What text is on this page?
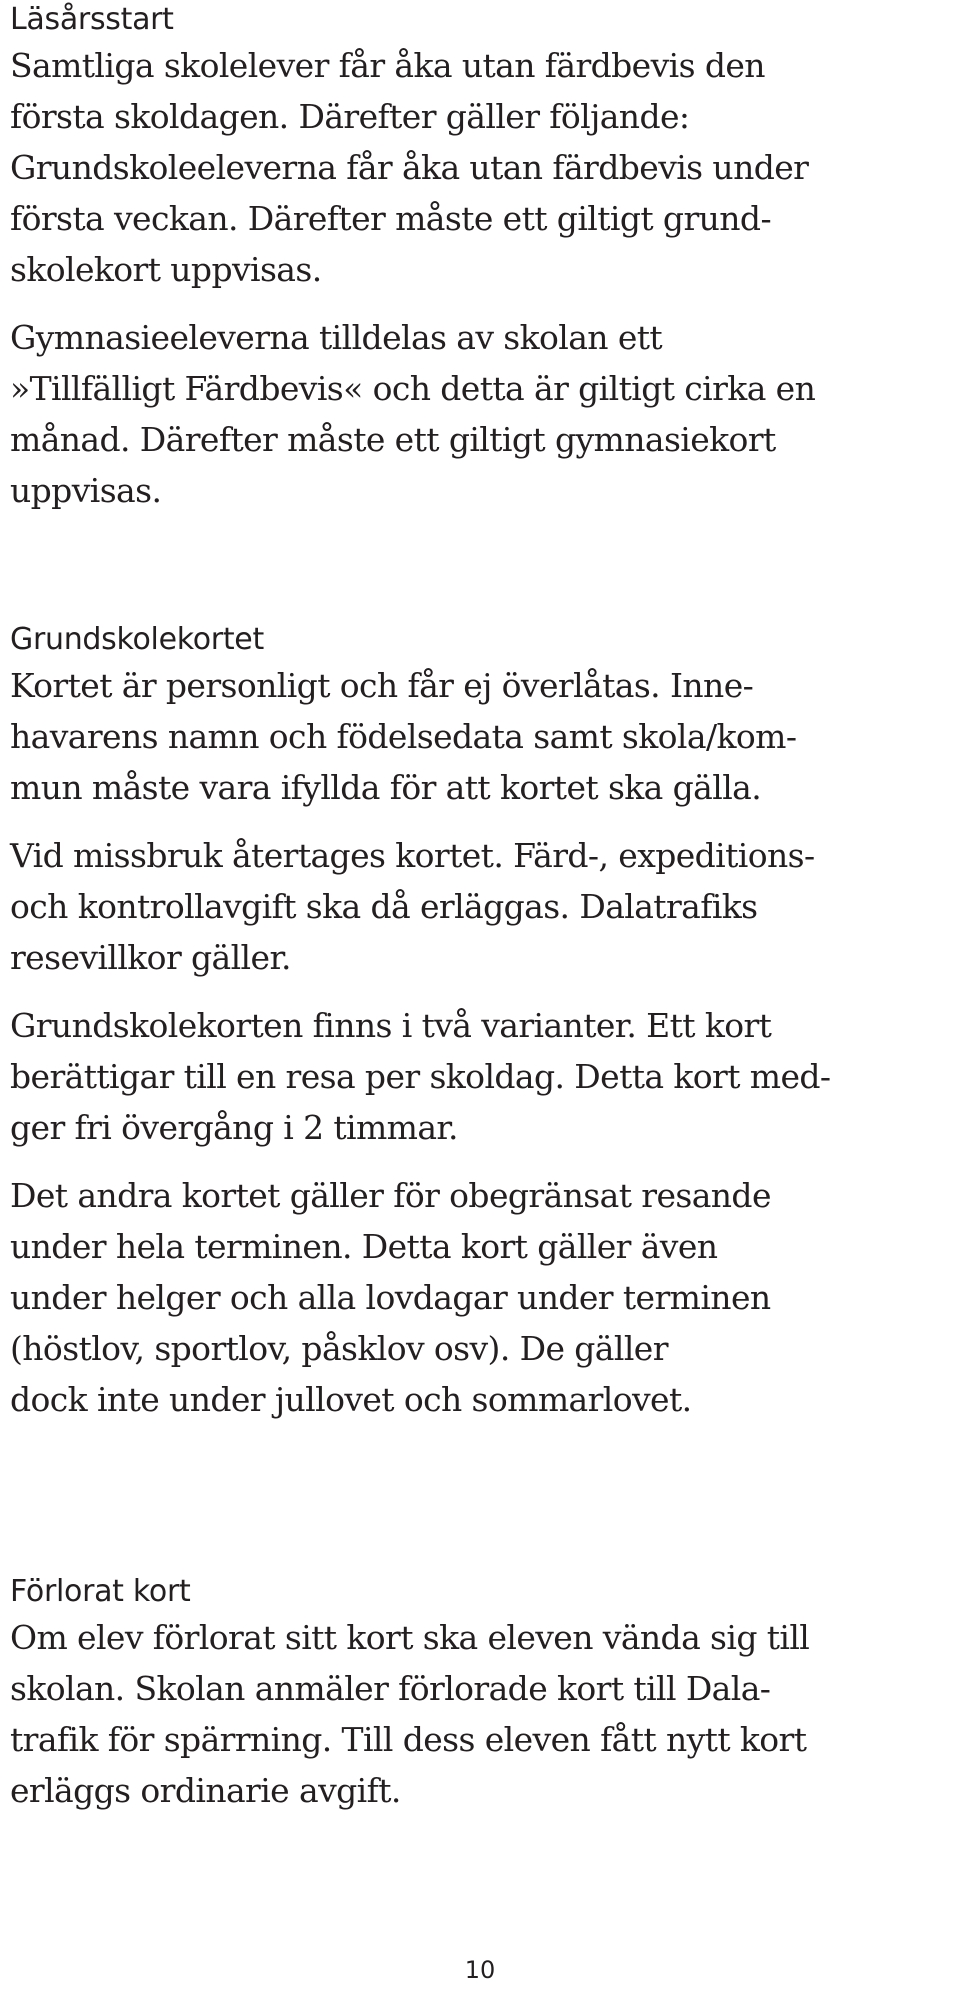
Läsårsstart
Samtliga skolelever får åka utan färdbevis den
första skoldagen. Därefter gäller följande:
Grundskoleeleverna får åka utan färdbevis under
första veckan. Därefter måste ett giltigt grund-
skolekort uppvisas.
Gymnasieeleverna tilldelas av skolan ett
»Tillfälligt Färdbevis« och detta är giltigt cirka en
månad. Därefter måste ett giltigt gymnasiekort
uppvisas.
Grundskolekortet
Kortet är personligt och får ej överlåtas. Inne-
havarens namn och födelsedata samt skola/kom-
mun måste vara ifyllda för att kortet ska gälla.
Vid missbruk återtages kortet. Färd-, expeditions-
och kontrollavgift ska då erläggas. Dalatrafiks
resevillkor gäller.
Grundskolekorten finns i två varianter. Ett kort
berättigar till en resa per skoldag. Detta kort med-
ger fri övergång i 2 timmar.
Det andra kortet gäller för obegränsat resande
under hela terminen. Detta kort gäller även
under helger och alla lovdagar under terminen
(höstlov, sportlov, påsklov osv). De gäller
dock inte under jullovet och sommarlovet.
Förlorat kort
Om elev förlorat sitt kort ska eleven vända sig till
skolan. Skolan anmäler förlorade kort till Dala-
trafik för spärrning. Till dess eleven fått nytt kort
erläggs ordinarie avgift.
10
